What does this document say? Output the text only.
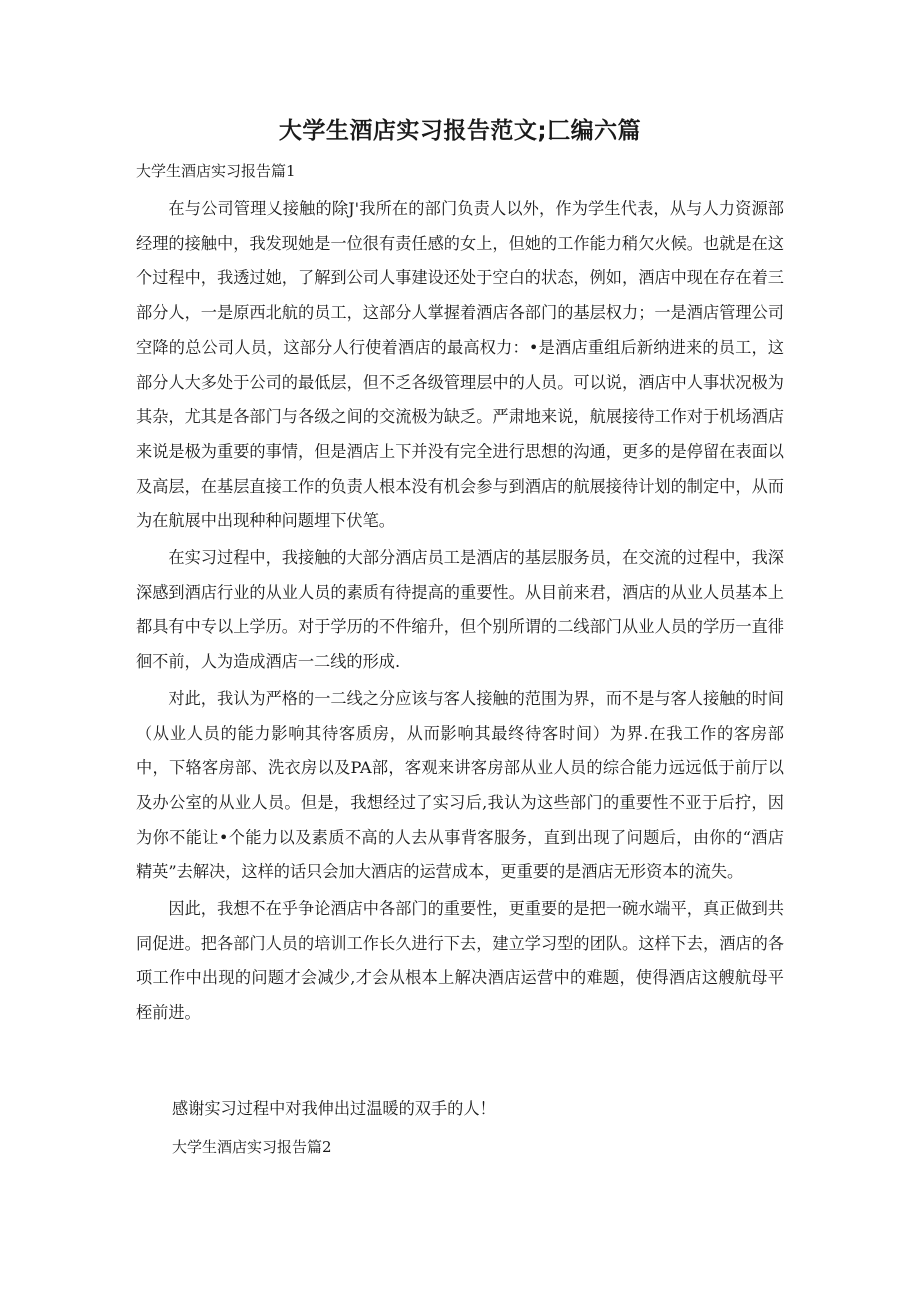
大学生酒店实习报告范文;匚编六篇

大学生酒店实习报告篇1

在与公司管理乂接触的除J'我所在的部门负责人以外，作为学生代表，从与人力资源部经理的接触中，我发现她是一位很有责任感的女上，但她的工作能力稍欠火候。也就是在这个过程中，我透过她，了解到公司人事建设还处于空白的状态，例如，酒店中现在存在着三部分人，一是原西北航的员工，这部分人掌握着酒店各部门的基层权力；一是酒店管理公司空降的总公司人员，这部分人行使着酒店的最高权力：•是酒店重组后新纳进来的员工，这部分人大多处于公司的最低层，但不乏各级管理层中的人员。可以说，酒店中人事状况极为其杂，尤其是各部门与各级之间的交流极为缺乏。严肃地来说，航展接待工作对于机场酒店来说是极为重要的事情，但是酒店上下并没有完全进行思想的沟通，更多的是停留在表面以及高层，在基层直接工作的负责人根本没有机会参与到酒店的航展接待计划的制定中，从而为在航展中出现种种问题埋下伏笔。

在实习过程中，我接触的大部分酒店员工是酒店的基层服务员，在交流的过程中，我深深感到酒店行业的从业人员的素质有待提高的重要性。从目前来君，酒店的从业人员基本上都具有中专以上学历。对于学历的不件缩升，但个别所谓的二线部门从业人员的学历一直徘徊不前，人为造成酒店一二线的形成.

对此，我认为严格的一二线之分应该与客人接触的范围为界，而不是与客人接触的时间（从业人员的能力影响其待客质房，从而影响其最终待客时间）为界.在我工作的客房部中，下辂客房部、洗衣房以及PA部，客观来讲客房部从业人员的综合能力远远低于前厅以及办公室的从业人员。但是，我想经过了实习后,我认为这些部门的重要性不亚于后拧，因为你不能让•个能力以及素质不高的人去从事背客服务，直到出现了问题后，由你的“酒店精英”去解决，这样的话只会加大酒店的运营成本，更重要的是酒店无形资本的流失。

因此，我想不在乎争论酒店中各部门的重要性，更重要的是把一碗水端平，真正做到共同促进。把各部门人员的培训工作长久进行下去，建立学习型的团队。这样下去，酒店的各项工作中出现的问题才会减少,才会从根本上解决酒店运营中的难题，使得酒店这艘航母平桎前进。

感谢实习过程中对我伸出过温暖的双手的人！

大学生酒店实习报告篇2
